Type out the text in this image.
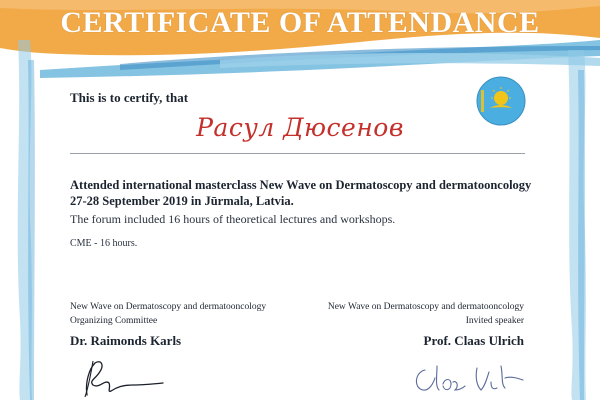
CERTIFICATE OF ATTENDANCE
This is to certify, that
Расул Дюсенов
Attended international masterclass New Wave on Dermatoscopy and dermatooncology
27-28 September 2019 in Jūrmala, Latvia.
The forum included 16 hours of theoretical lectures and workshops.
CME - 16 hours.
New Wave on Dermatoscopy and dermatooncology
Organizing Committee
Dr. Raimonds Karls
New Wave on Dermatoscopy and dermatooncology
Invited speaker
Prof. Claas Ulrich
